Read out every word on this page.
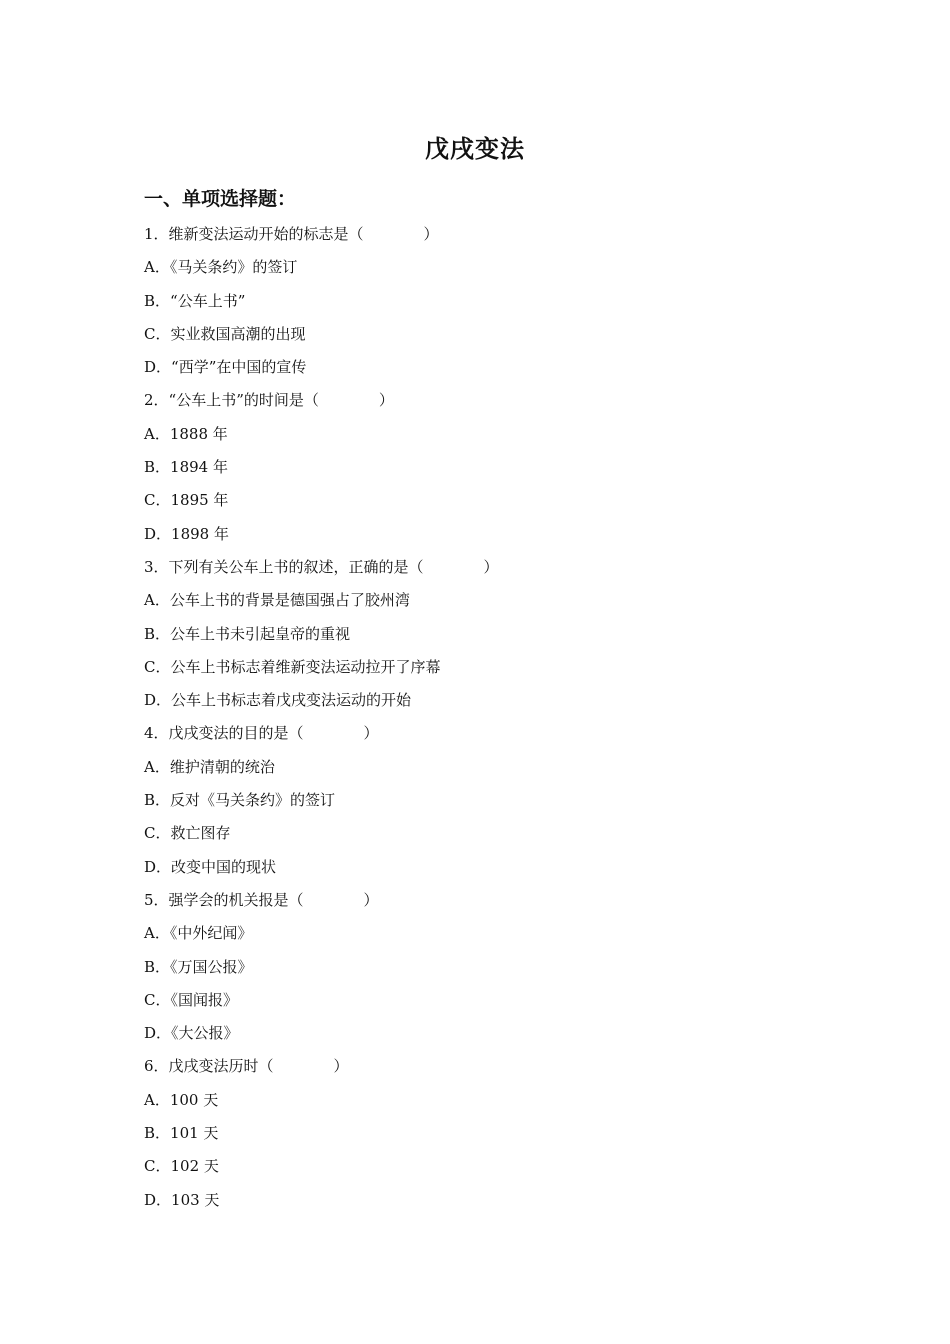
戊戌变法
一、单项选择题：
1．维新变法运动开始的标志是（　　　　）
A．《马关条约》的签订
B．“公车上书”
C．实业救国高潮的出现
D．“西学”在中国的宣传
2．“公车上书”的时间是（　　　　）
A．1888 年
B．1894 年
C．1895 年
D．1898 年
3．下列有关公车上书的叙述，正确的是（　　　　）
A．公车上书的背景是德国强占了胶州湾
B．公车上书未引起皇帝的重视
C．公车上书标志着维新变法运动拉开了序幕
D．公车上书标志着戊戌变法运动的开始
4．戊戌变法的目的是（　　　　）
A．维护清朝的统治
B．反对《马关条约》的签订
C．救亡图存
D．改变中国的现状
5．强学会的机关报是（　　　　）
A．《中外纪闻》
B．《万国公报》
C．《国闻报》
D．《大公报》
6．戊戌变法历时（　　　　）
A．100 天
B．101 天
C．102 天
D．103 天
